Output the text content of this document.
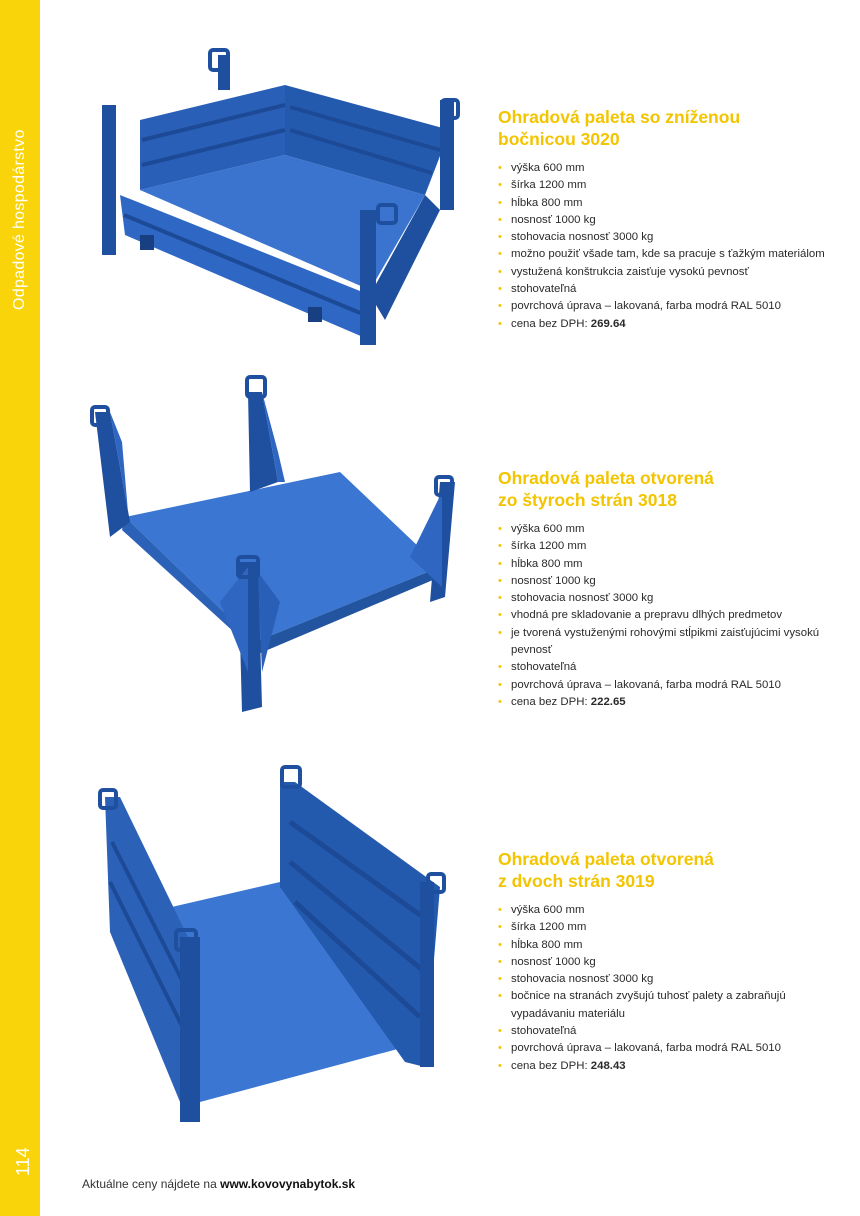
Odpadové hospodárstvo
114
Ohradová paleta so zníženou
bočnicou 3020
• výška 600 mm
• šírka 1200 mm
• hĺbka 800 mm
• nosnosť 1000 kg
• stohovacia nosnosť 3000 kg
• možno použiť všade tam, kde sa pracuje s ťažkým materiálom
• vystužená konštrukcia zaisťuje vysokú pevnosť
• stohovateľná
• povrchová úprava – lakovaná, farba modrá RAL 5010
• cena bez DPH: 269.64
Ohradová paleta otvorená
zo štyroch strán 3018
• výška 600 mm
• šírka 1200 mm
• hĺbka 800 mm
• nosnosť 1000 kg
• stohovacia nosnosť 3000 kg
• vhodná pre skladovanie a prepravu dlhých predmetov
• je tvorená vystuženými rohovými stĺpikmi zaisťujúcimi vysokú pevnosť
• stohovateľná
• povrchová úprava – lakovaná, farba modrá RAL 5010
• cena bez DPH: 222.65
Ohradová paleta otvorená
z dvoch strán 3019
• výška 600 mm
• šírka 1200 mm
• hĺbka 800 mm
• nosnosť 1000 kg
• stohovacia nosnosť 3000 kg
• bočnice na stranách zvyšujú tuhosť palety a zabraňujú vypadávaniu materiálu
• stohovateľná
• povrchová úprava – lakovaná, farba modrá RAL 5010
• cena bez DPH: 248.43
Aktuálne ceny nájdete na www.kovovynabytok.sk
